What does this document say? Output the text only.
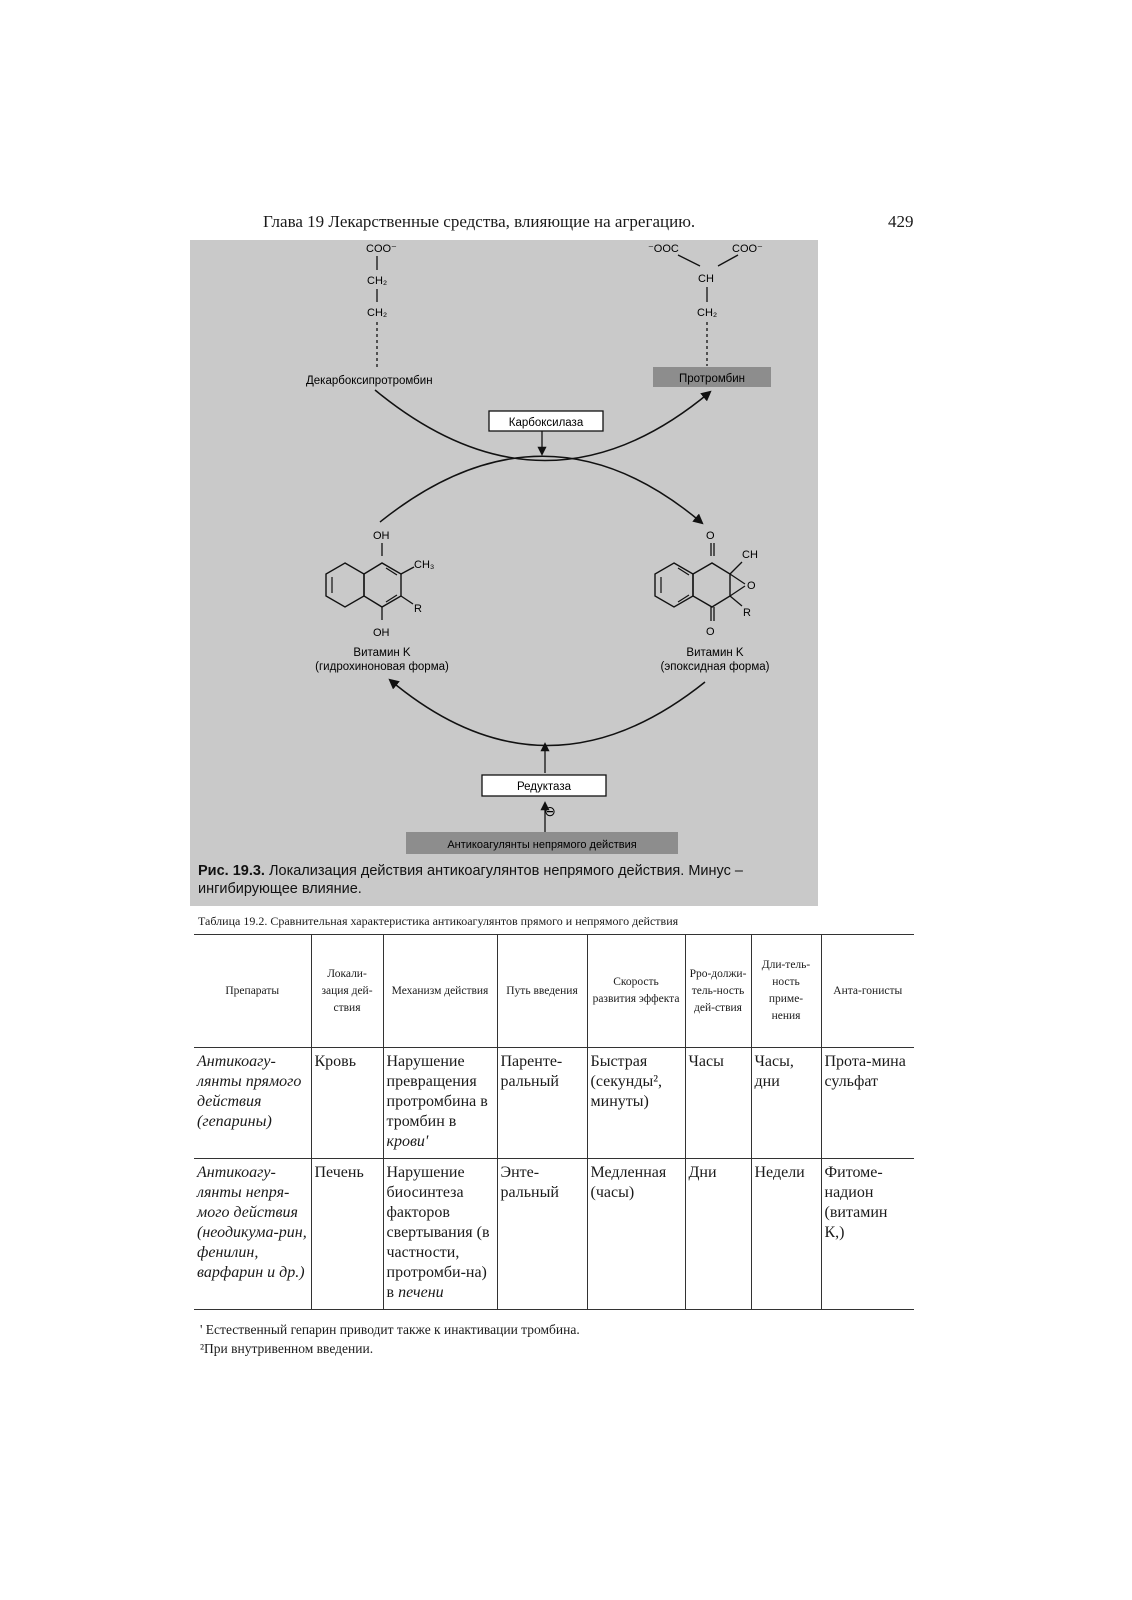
Глава 19 Лекарственные средства, влияющие на агрегацию.	429
COO⁻
CH₂
CH₂
Декарбоксипротромбин
⁻OOC	COO⁻
CH
CH₂
Протромбин
Карбоксилаза
OH
CH₃
R
OH
Витамин K
(гидрохиноновая форма)
O
CH
O
R
O
Витамин K
(эпоксидная форма)
Редуктаза
⊖
Антикоагулянты непрямого действия
Рис. 19.3. Локализация действия антикоагулянтов непрямого действия. Минус – ингибирующее влияние.
Таблица 19.2. Сравнительная характеристика антикоагулянтов прямого и непрямого действия
Препараты	Локали-зация дей-ствия	Механизм действия	Путь введения	Скорость развития эффекта	Рро-должи-тель-ность дей-ствия	Дли-тель-ность приме-нения	Анта-гонисты
Антикоагу-лянты прямого действия (гепарины)	Кровь	Нарушение превращения протромбина в тромбин в крови'	Паренте-ральный	Быстрая (секунды², минуты)	Часы	Часы, дни	Прота-мина сульфат
Антикоагу-лянты непря-мого действия (неодикума-рин, фенилин, варфарин и др.)	Печень	Нарушение биосинтеза факторов свертывания (в частности, протромби-на) в печени	Энте-ральный	Медленная (часы)	Дни	Недели	Фитоме-надион (витамин К,)
' Естественный гепарин приводит также к инактивации тромбина.
²При внутривенном введении.
